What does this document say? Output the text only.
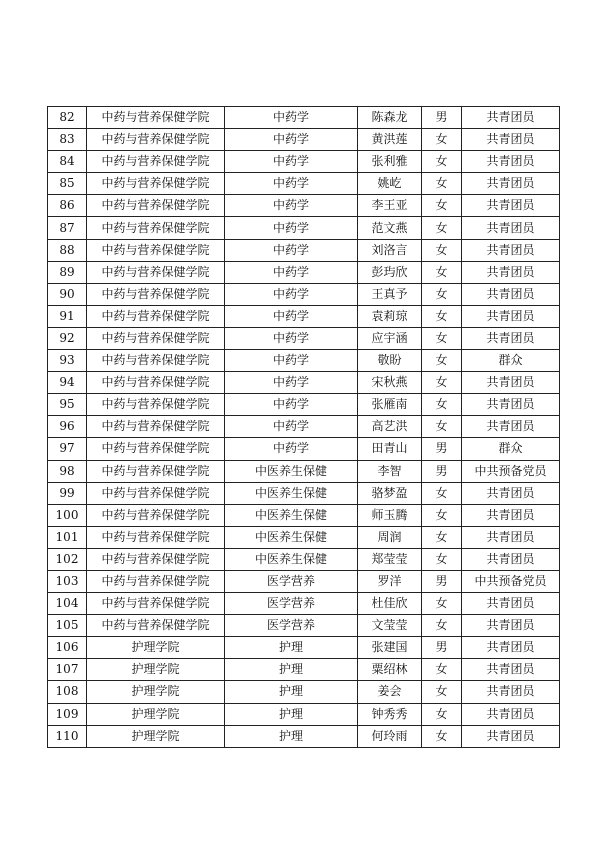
82	中药与营养保健学院	中药学	陈森龙	男	共青团员
83	中药与营养保健学院	中药学	黄洪莲	女	共青团员
84	中药与营养保健学院	中药学	张利雅	女	共青团员
85	中药与营养保健学院	中药学	姚屹	女	共青团员
86	中药与营养保健学院	中药学	李王亚	女	共青团员
87	中药与营养保健学院	中药学	范文燕	女	共青团员
88	中药与营养保健学院	中药学	刘洛言	女	共青团员
89	中药与营养保健学院	中药学	彭玙欣	女	共青团员
90	中药与营养保健学院	中药学	王真予	女	共青团员
91	中药与营养保健学院	中药学	袁莉琼	女	共青团员
92	中药与营养保健学院	中药学	应宇涵	女	共青团员
93	中药与营养保健学院	中药学	敬盼	女	群众
94	中药与营养保健学院	中药学	宋秋燕	女	共青团员
95	中药与营养保健学院	中药学	张雁南	女	共青团员
96	中药与营养保健学院	中药学	高艺洪	女	共青团员
97	中药与营养保健学院	中药学	田青山	男	群众
98	中药与营养保健学院	中医养生保健	李智	男	中共预备党员
99	中药与营养保健学院	中医养生保健	骆梦盈	女	共青团员
100	中药与营养保健学院	中医养生保健	师玉腾	女	共青团员
101	中药与营养保健学院	中医养生保健	周润	女	共青团员
102	中药与营养保健学院	中医养生保健	郑莹莹	女	共青团员
103	中药与营养保健学院	医学营养	罗洋	男	中共预备党员
104	中药与营养保健学院	医学营养	杜佳欣	女	共青团员
105	中药与营养保健学院	医学营养	文莹莹	女	共青团员
106	护理学院	护理	张建国	男	共青团员
107	护理学院	护理	粟绍林	女	共青团员
108	护理学院	护理	姜会	女	共青团员
109	护理学院	护理	钟秀秀	女	共青团员
110	护理学院	护理	何玲雨	女	共青团员
